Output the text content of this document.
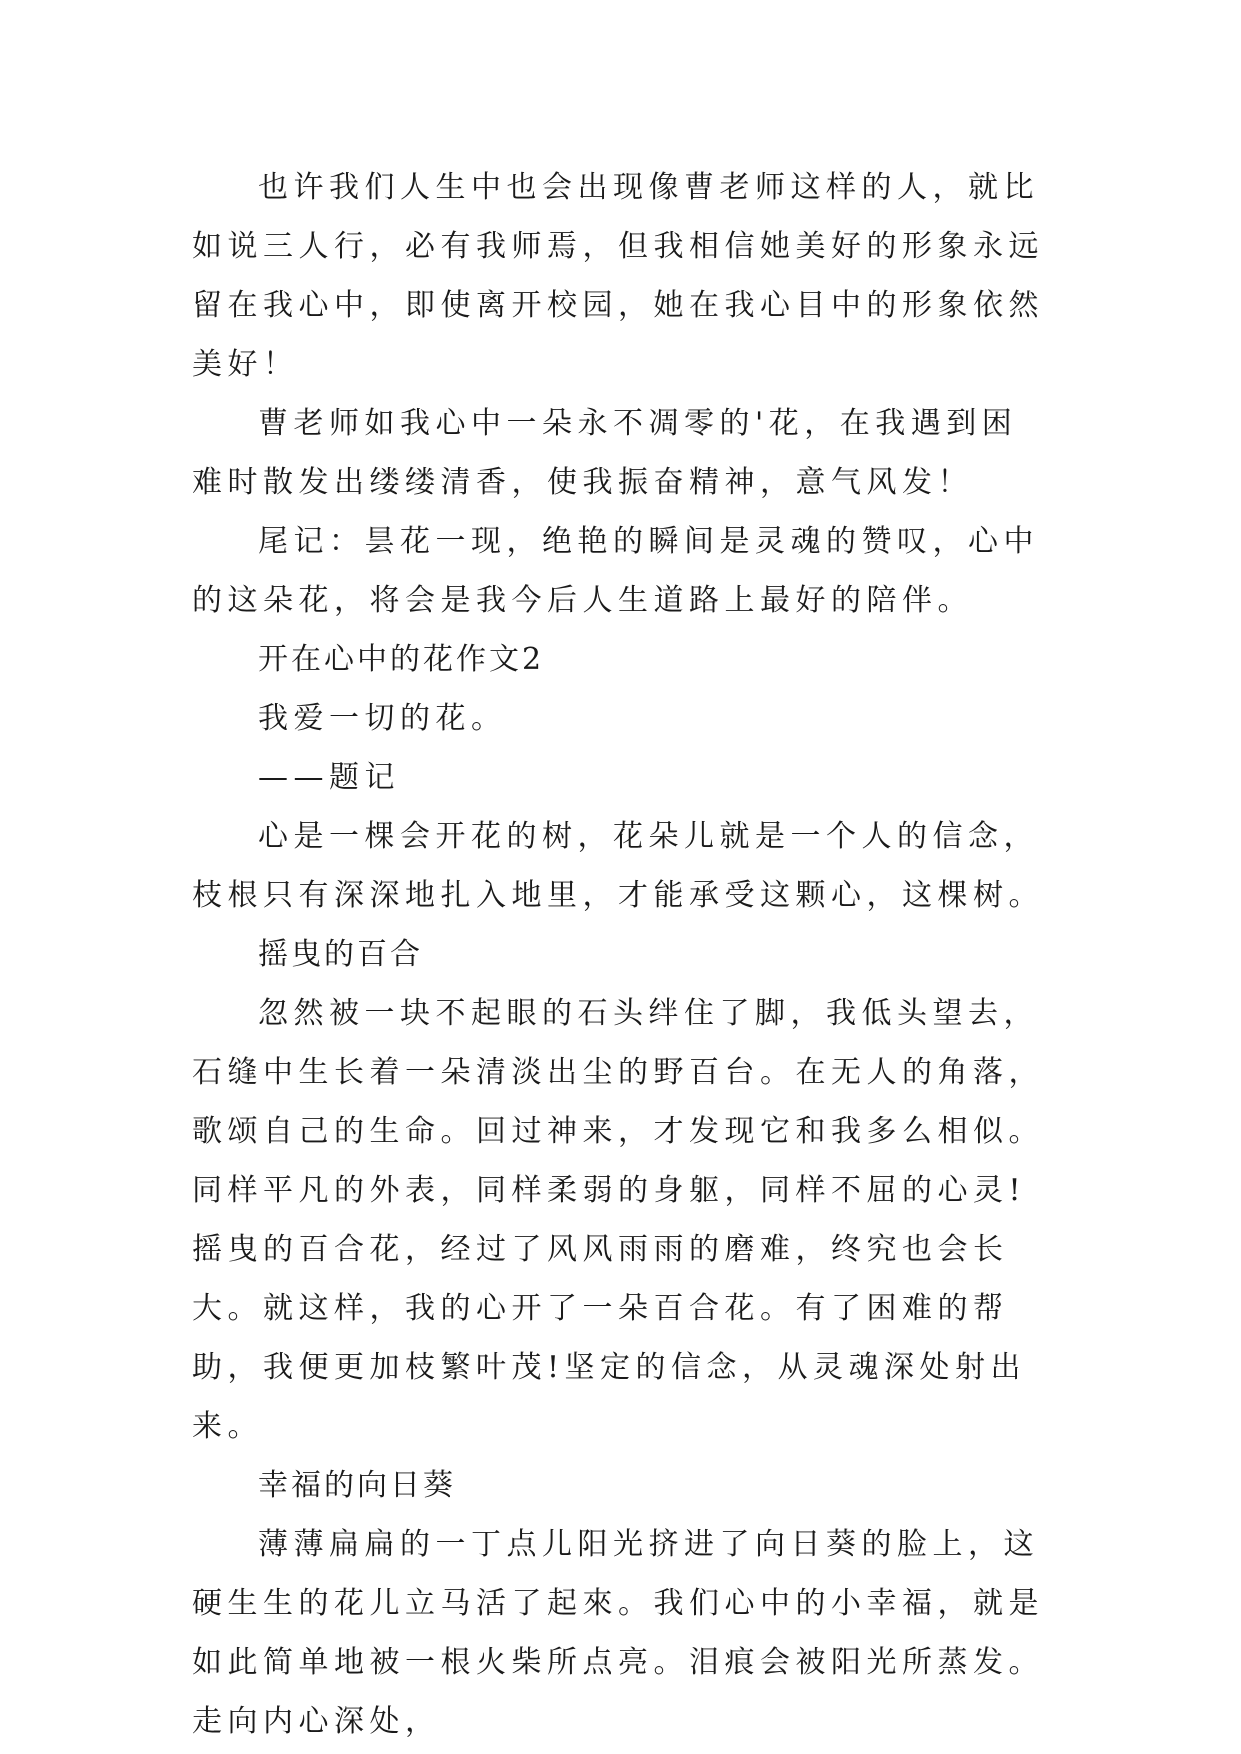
也许我们人生中也会出现像曹老师这样的人，就比如说三人行，必有我师焉，但我相信她美好的形象永远留在我心中，即使离开校园，她在我心目中的形象依然美好！

曹老师如我心中一朵永不凋零的'花，在我遇到困难时散发出缕缕清香，使我振奋精神，意气风发！

尾记：昙花一现，绝艳的瞬间是灵魂的赞叹，心中的这朵花，将会是我今后人生道路上最好的陪伴。

开在心中的花作文2

我爱一切的花。

——题记

心是一棵会开花的树，花朵儿就是一个人的信念，枝根只有深深地扎入地里，才能承受这颗心，这棵树。

摇曳的百合

忽然被一块不起眼的石头绊住了脚，我低头望去，石缝中生长着一朵清淡出尘的野百台。在无人的角落，歌颂自己的生命。回过神来，才发现它和我多么相似。同样平凡的外表，同样柔弱的身躯，同样不屈的心灵!摇曳的百合花，经过了风风雨雨的磨难，终究也会长大。就这样，我的心开了一朵百合花。有了困难的帮助，我便更加枝繁叶茂!坚定的信念，从灵魂深处射出来。

幸福的向日葵

薄薄扁扁的一丁点儿阳光挤进了向日葵的脸上，这硬生生的花儿立马活了起來。我们心中的小幸福，就是如此简单地被一根火柴所点亮。泪痕会被阳光所蒸发。走向内心深处，
